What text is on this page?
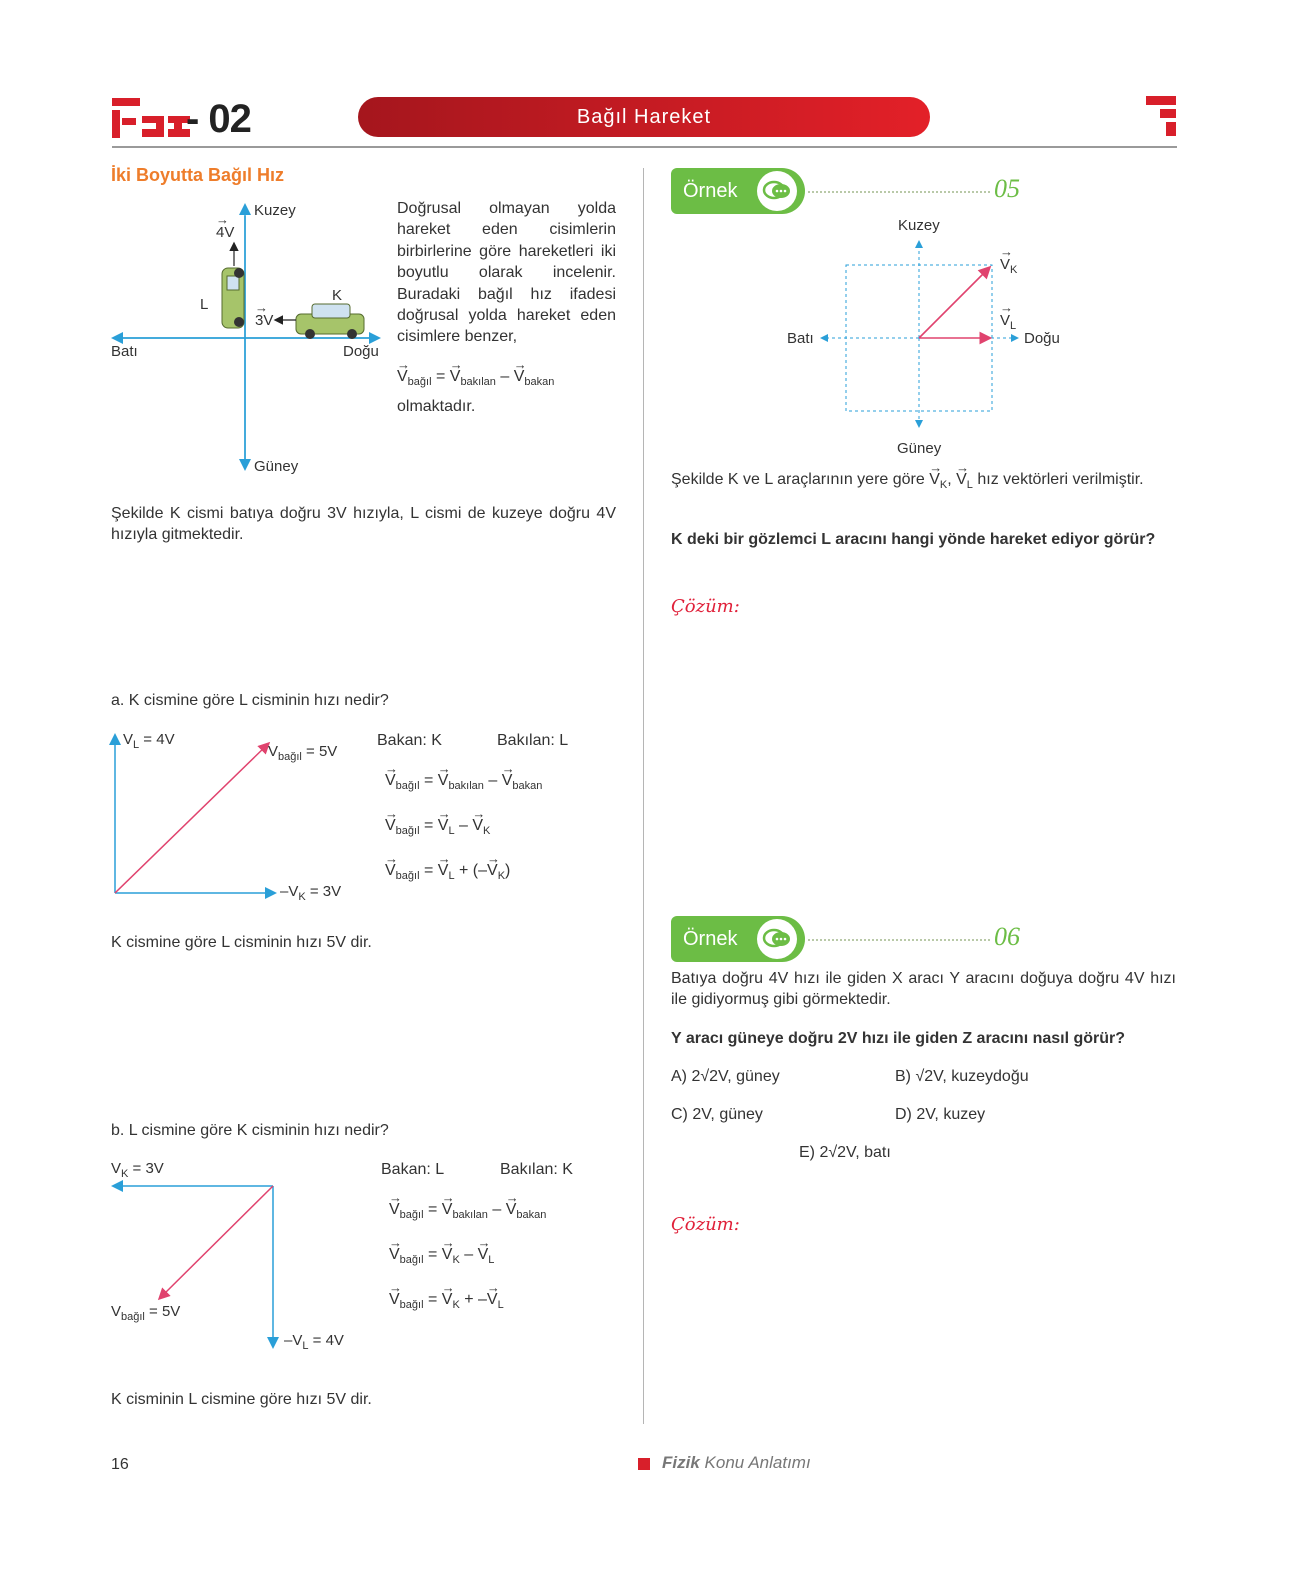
- 02	Bağıl Hareket
İki Boyutta Bağıl Hız
Kuzey
Güney
Batı	Doğu
→ 4V
→ 3V
L
K
Doğrusal olmayan yolda hareket eden cisimlerin birbirlerine göre hareketleri iki boyutlu olarak incelenir. Buradaki bağıl hız ifadesi doğrusal yolda hareket eden cisimlere benzer,
→ $V_{bağıl}$ = → $V_{bakılan}$ – → $V_{bakan}$
olmaktadır.
Şekilde K cismi batıya doğru 3V hızıyla, L cismi de kuzeye doğru 4V hızıyla gitmektedir.
a. K cismine göre L cisminin hızı nedir?
$V_L = 4V$
$V_{bağıl} = 5V$
$-V_K = 3V$
Bakan: K	Bakılan: L
→ $V_{bağıl}$ = → $V_{bakılan}$ – → $V_{bakan}$
→ $V_{bağıl}$ = → $V_L$ – → $V_K$
→ $V_{bağıl}$ = → $V_L$ + (–→ $V_K$)
K cismine göre L cisminin hızı 5V dir.
b. L cismine göre K cisminin hızı nedir?
$V_K = 3V$
$V_{bağıl} = 5V$
$-V_L = 4V$
Bakan: L	Bakılan: K
→ $V_{bağıl}$ = → $V_{bakılan}$ – → $V_{bakan}$
→ $V_{bağıl}$ = → $V_K$ – → $V_L$
→ $V_{bağıl}$ = → $V_K$ + –→ $V_L$
K cisminin L cismine göre hızı 5V dir.
Örnek	05
Kuzey
Güney
Batı	Doğu
→ $V_K$
→ $V_L$
Şekilde K ve L araçlarının yere göre → $V_K$, → $V_L$ hız vektörleri verilmiştir.
K deki bir gözlemci L aracını hangi yönde hareket ediyor görür?
Çözüm:
Örnek	06
Batıya doğru 4V hızı ile giden X aracı Y aracını doğuya doğru 4V hızı ile gidiyormuş gibi görmektedir.
Y aracı güneye doğru 2V hızı ile giden Z aracını nasıl görür?
A) 2√2V, güney	B) √2V, kuzeydoğu
C) 2V, güney	D) 2V, kuzey
E) 2√2V, batı
Çözüm:
16	Fizik Konu Anlatımı
